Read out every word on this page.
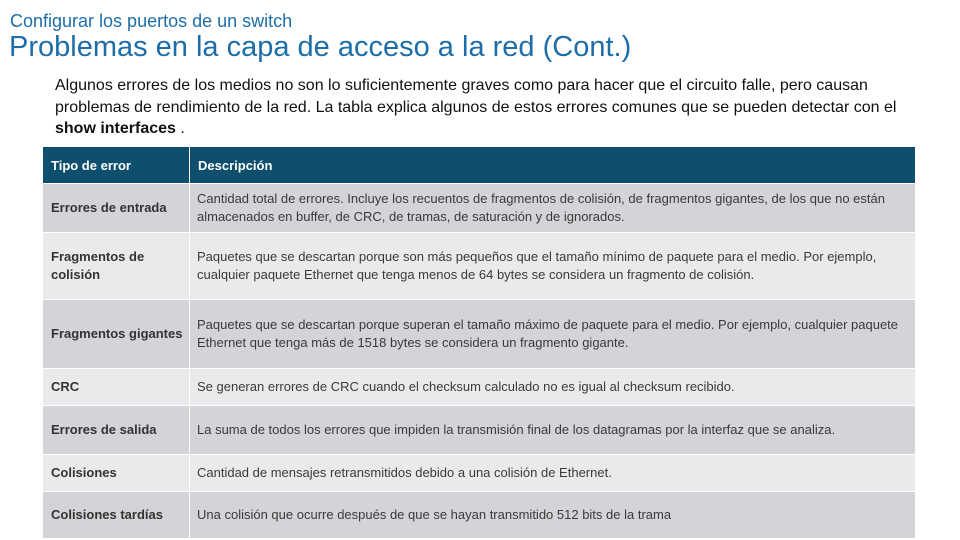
Configurar los puertos de un switch
Problemas en la capa de acceso a la red (Cont.)
Algunos errores de los medios no son lo suficientemente graves como para hacer que el circuito falle, pero causan problemas de rendimiento de la red. La tabla explica algunos de estos errores comunes que se pueden detectar con el show interfaces .
Tipo de error	Descripción
Errores de entrada	Cantidad total de errores. Incluye los recuentos de fragmentos de colisión, de fragmentos gigantes, de los que no están almacenados en buffer, de CRC, de tramas, de saturación y de ignorados.
Fragmentos de colisión	Paquetes que se descartan porque son más pequeños que el tamaño mínimo de paquete para el medio. Por ejemplo, cualquier paquete Ethernet que tenga menos de 64 bytes se considera un fragmento de colisión.
Fragmentos gigantes	Paquetes que se descartan porque superan el tamaño máximo de paquete para el medio. Por ejemplo, cualquier paquete Ethernet que tenga más de 1518 bytes se considera un fragmento gigante.
CRC	Se generan errores de CRC cuando el checksum calculado no es igual al checksum recibido.
Errores de salida	La suma de todos los errores que impiden la transmisión final de los datagramas por la interfaz que se analiza.
Colisiones	Cantidad de mensajes retransmitidos debido a una colisión de Ethernet.
Colisiones tardías	Una colisión que ocurre después de que se hayan transmitido 512 bits de la trama
